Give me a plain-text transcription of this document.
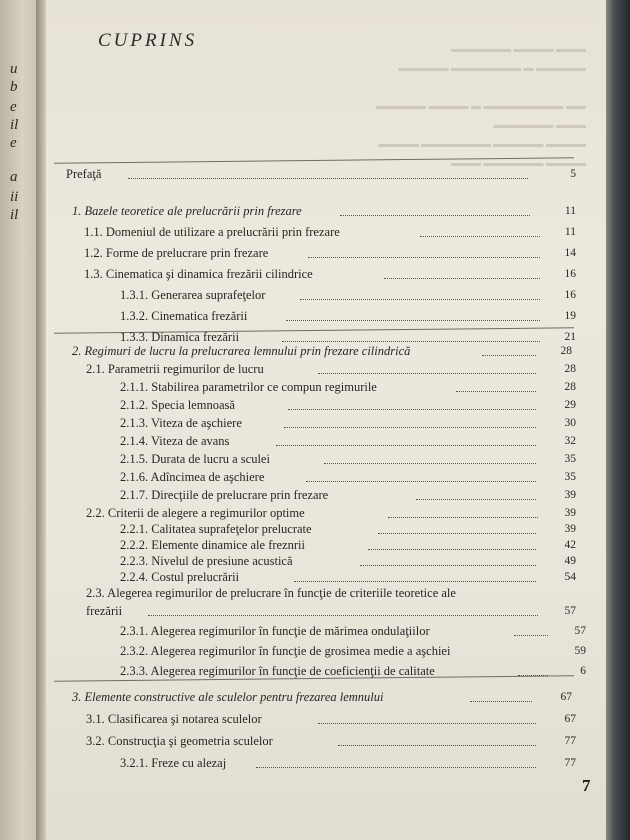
u
b
e
il
e
a
ii
il
▬▬▬ ▬▬▬▬ ▬▬▬▬▬▬
▬▬▬▬▬ ▬ ▬▬▬▬▬▬▬ ▬▬▬▬▬

▬▬ ▬▬▬▬▬▬▬▬ ▬ ▬▬▬▬ ▬▬▬▬▬
▬▬▬ ▬▬▬▬▬▬
▬▬▬▬ ▬▬▬▬▬ ▬▬▬▬▬▬▬ ▬▬▬▬
▬▬▬▬ ▬▬▬▬▬▬ ▬▬▬
CUPRINS
Prefaţă	5
1. Bazele teoretice ale prelucrării prin frezare	11
1.1. Domeniul de utilizare a prelucrării prin frezare	11
1.2. Forme de prelucrare prin frezare	14
1.3. Cinematica şi dinamica frezării cilindrice	16
1.3.1. Generarea suprafeţelor	16
1.3.2. Cinematica frezării	19
1.3.3. Dinamica frezării	21
2. Regimuri de lucru la prelucrarea lemnului prin frezare cilindrică	28
2.1. Parametrii regimurilor de lucru	28
2.1.1. Stabilirea parametrilor ce compun regimurile	28
2.1.2. Specia lemnoasă	29
2.1.3. Viteza de aşchiere	30
2.1.4. Viteza de avans	32
2.1.5. Durata de lucru a sculei	35
2.1.6. Adîncimea de aşchiere	35
2.1.7. Direcţiile de prelucrare prin frezare	39
2.2. Criterii de alegere a regimurilor optime	39
2.2.1. Calitatea suprafeţelor prelucrate	39
2.2.2. Elemente dinamice ale freznrii	42
2.2.3. Nivelul de presiune acustică	49
2.2.4. Costul prelucrării	54
2.3. Alegerea regimurilor de prelucrare în funcţie de criteriile teoretice ale
frezării	57
2.3.1. Alegerea regimurilor în funcţie de mărimea ondulaţiilor	57
2.3.2. Alegerea regimurilor în funcţie de grosimea medie a aşchiei	59
2.3.3. Alegerea regimurilor în funcţie de coeficienţii de calitate	6
3. Elemente constructive ale sculelor pentru frezarea lemnului	67
3.1. Clasificarea şi notarea sculelor	67
3.2. Construcţia şi geometria sculelor	77
3.2.1. Freze cu alezaj	77
7
